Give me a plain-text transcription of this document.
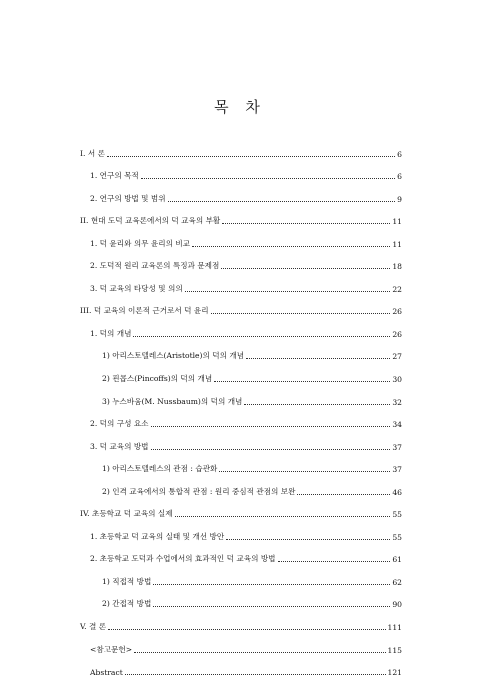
목 차
I. 서 론	6
1. 연구의 목적	6
2. 연구의 방법 및 범위	9
II. 현대 도덕 교육론에서의 덕 교육의 부활	11
1. 덕 윤리와 의무 윤리의 비교	11
2. 도덕적 원리 교육론의 특징과 문제점	18
3. 덕 교육의 타당성 및 의의	22
III. 덕 교육의 이론적 근거로서 덕 윤리	26
1. 덕의 개념	26
1) 아리스토텔레스(Aristotle)의 덕의 개념	27
2) 핀콥스(Pincoffs)의 덕의 개념	30
3) 누스바움(M. Nussbaum)의 덕의 개념	32
2. 덕의 구성 요소	34
3. 덕 교육의 방법	37
1) 아리스토텔레스의 관점 : 습관화	37
2) 인격 교육에서의 통합적 관점 : 원리 중심적 관점의 보완	46
IV. 초등학교 덕 교육의 실제	55
1. 초등학교 덕 교육의 실태 및 개선 방안	55
2. 초등학교 도덕과 수업에서의 효과적인 덕 교육의 방법	61
1) 직접적 방법	62
2) 간접적 방법	90
V. 결 론	111
<참고문헌>	115
Abstract	121
